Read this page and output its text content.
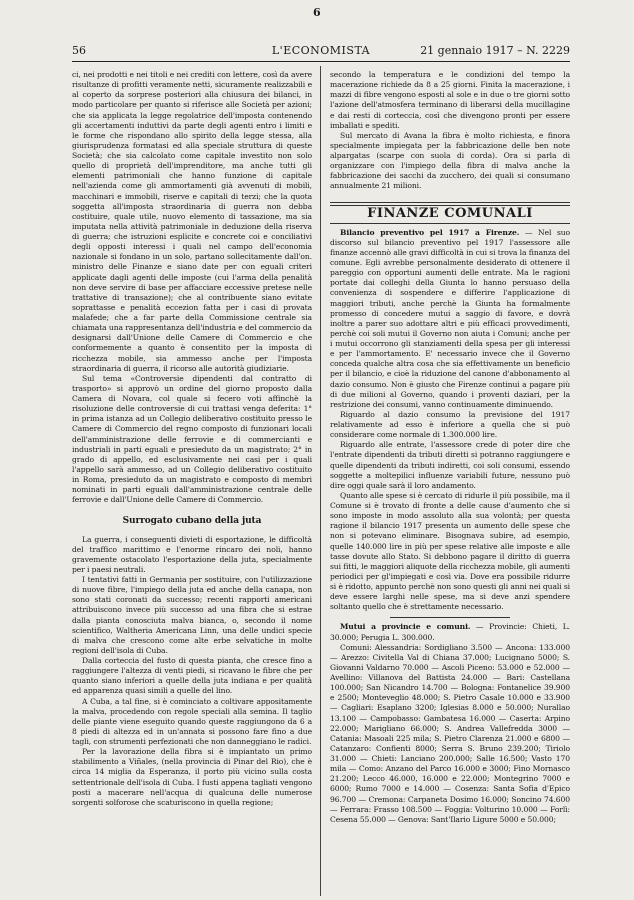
6
56	L'ECONOMISTA	21 gennaio 1917 – N. 2229

ci, nei prodotti e nei titoli e nei crediti con lettere, così da avere risultanze di profitti veramente netti, sicuramente realizzabili e al coperto da sorprese posteriori alla chiusura dei bilanci, in modo particolare per quanto si riferisce alle Società per azioni; che sia applicata la legge regolatrice dell'imposta contenendo gli accertamenti induttivi da parte degli agenti entro i limiti e le forme che rispondano allo spirito della legge stessa, alla giurisprudenza formatasi ed alla speciale struttura di queste Società; che sia calcolato come capitale investito non solo quello di proprietà dell'imprenditore, ma anche tutti gli elementi patrimoniali che hanno funzione di capitale nell'azienda come gli ammortamenti già avvenuti di mobili, macchinari e immobili, riserve e capitali di terzi; che la quota soggetta all'imposta straordinaria di guerra non debba costituire, quale utile, nuovo elemento di tassazione, ma sia imputata nella attività patrimoniale in deduzione della riserva di guerra; che istruzioni esplicite e concrete coi e conciliativi degli opposti interessi i quali nel campo dell'economia nazionale si fondano in un solo, partano sollecitamente dall'on. ministro delle Finanze e siano date per con eguali criteri applicate dagli agenti delle imposte (cui l'arma della penalità non deve servire di base per affacciare eccessive pretese nelle trattative di transazione); che al contribuente siano evitate soprattasse e penalità eccezion fatta per i casi di provata malafede; che a far parte della Commissione centrale sia chiamata una rappresentanza dell'industria e del commercio da designarsi dall'Unione delle Camere di Commercio e che conformemente a quanto è consentito per la imposta di ricchezza mobile, sia ammesso anche per l'imposta straordinaria di guerra, il ricorso alle autorità giudiziarie.

Sul tema «Controversie dipendenti dal contratto di trasporto» si approvò un ordine del giorno proposto dalla Camera di Novara, col quale si fecero voti affinchè la risoluzione delle controversie di cui trattasi venga deferita: 1° in prima istanza ad un Collegio deliberativo costituito presso le Camere di Commercio del regno composto di funzionari locali dell'amministrazione delle ferrovie e di commercianti e industriali in parti eguali e presieduto da un magistrato; 2° in grado di appello, ed esclusivamente nei casi per i quali l'appello sarà ammesso, ad un Collegio deliberativo costituito in Roma, presieduto da un magistrato e composto di membri nominati in parti eguali dall'amministrazione centrale delle ferrovie e dall'Unione delle Camere di Commercio.

Surrogato cubano della juta

La guerra, i conseguenti divieti di esportazione, le difficoltà del traffico marittimo e l'enorme rincaro dei noli, hanno gravemente ostacolato l'esportazione della juta, specialmente per i paesi neutrali.

I tentativi fatti in Germania per sostituire, con l'utilizzazione di nuove fibre, l'impiego della juta ed anche della canapa, non sono stati coronati da successo; recenti rapporti americani attribuiscono invece più successo ad una fibra che si estrae dalla pianta conosciuta malva bianca, o, secondo il nome scientifico, Waltheria Americana Linn, una delle undici specie di malva che crescono come alte erbe selvatiche in molte regioni dell'isola di Cuba.

Dalla corteccia del fusto di questa pianta, che cresce fino a raggiungere l'altezza di venti piedi, si ricavano le fibre che per quanto siano inferiori a quelle della juta indiana e per qualità ed apparenza quasi simili a quelle del lino.

A Cuba, a tal fine, si è cominciato a coltivare appositamente la malva, procedendo con regole speciali alla semina. Il taglio delle piante viene eseguito quando queste raggiungono da 6 a 8 piedi di altezza ed in un'annata si possono fare fino a due tagli, con strumenti perfezionati che non danneggiano le radici.

Per la lavorazione della fibra si è impiantato un primo stabilimento a Viñales, (nella provincia di Pinar del Rio), che è circa 14 miglia da Esperanza, il porto più vicino sulla costa settentrionale dell'isola di Cuba. I fusti appena tagliati vengono posti a macerare nell'acqua di qualcuna delle numerose sorgenti solforose che scaturiscono in quella regione;

secondo la temperatura e le condizioni del tempo la macerazione richiede da 8 a 25 giorni. Finita la macerazione, i mazzi di fibre vengono esposti al sole e in due o tre giorni sotto l'azione dell'atmosfera terminano di liberarsi della mucillagine e dai resti di corteccia, così che divengono pronti per essere imballati e spediti.

Sul mercato di Avana la fibra è molto richiesta, e finora specialmente impiegata per la fabbricazione delle ben note alpargatas (scarpe con suola di corda). Ora si parla di organizzare con l'impiego della fibra di malva anche la fabbricazione dei sacchi da zucchero, dei quali si consumano annualmente 21 milioni.

FINANZE COMUNALI

Bilancio preventivo pel 1917 a Firenze. — Nel suo discorso sul bilancio preventivo pel 1917 l'assessore alle finanze accennò alle gravi difficoltà in cui si trova la finanza del comune. Egli avrebbe personalmente desiderato di ottenere il pareggio con opportuni aumenti delle entrate. Ma le ragioni portate dai colleghi della Giunta lo hanno persuaso della convenienza di sospendere e differire l'applicazione di maggiori tributi, anche perchè la Giunta ha formalmente promesso di concedere mutui a saggio di favore, e dovrà inoltre a parer suo adottare altri e più efficaci provvedimenti, perchè coi soli mutui il Governo non aiuta i Comuni; anche per i mutui occorrono gli stanziamenti della spesa per gli interessi e per l'ammortamento. E' necessario invece che il Governo conceda qualche altra cosa che sia effettivamente un beneficio per il bilancio, e cioè la riduzione del canone d'abbonamento al dazio consumo. Non è giusto che Firenze continui a pagare più di due milioni al Governo, quando i proventi daziari, per la restrizione dei consumi, vanno continuamente diminuendo.

Riguardo al dazio consumo la previsione del 1917 relativamente ad esso è inferiore a quella che si può considerare come normale di 1.300.000 lire.

Riguardo alle entrate, l'assessore crede di poter dire che l'entrate dipendenti da tributi diretti si potranno raggiungere e quelle dipendenti da tributi indiretti, coi soli consumi, essendo soggette a moltepilici influenze variabili future, nessuno può dire oggi quale sarà il loro andamento.

Quanto alle spese si è cercato di ridurle il più possibile, ma il Comune si è trovato di fronte a delle cause d'aumento che si sono imposte in modo assoluto alla sua volontà; per questa ragione il bilancio 1917 presenta un aumento delle spese che non si potevano eliminare. Bisognava subire, ad esempio, quelle 140.000 lire in più per spese relative alle imposte e alle tasse dovute allo Stato. Si debbono pagare il diritto di guerra sui fitti, le maggiori aliquote della ricchezza mobile, gli aumenti periodici per gl'impiegati e così via. Dove era possibile ridurre si è ridotto, appunto perchè non sono questi gli anni nei quali si deve essere larghi nelle spese, ma si deve anzi spendere soltanto quello che è strettamente necessario.

Mutui a provincie e comuni. — Provincie: Chieti, L. 30.000; Perugia L. 300.000.

Comuni: Alessandria: Sordigliano 3.500 — Ancona: 133.000 — Arezzo: Civitella Val di Chiana 37.000; Lucignano 5000; S. Giovanni Valdarno 70.000 — Ascoli Piceno: 53.000 e 52.000 — Avellino: Villanova del Battista 24.000 — Bari: Castellana 100.000; San Nicandro 14.700 — Bologna: Fontanelice 39.900 e 2500; Monteveglio 48.000; S. Pietro Casale 10.000 e 33.900 — Cagliari: Esaplano 3200; Iglesias 8.000 e 50.000; Nurallao 13.100 — Campobasso: Gambatesa 16.000 — Caserta: Arpino 22.000; Marigliano 66.000; S. Andrea Vallefredda 3000 — Catania: Masoali 225 mila; S. Pietro Clarenza 21.000 e 6800 — Catanzaro: Confienti 8000; Serra S. Bruno 239.200; Tiriolo 31.000 — Chieti: Lanciano 200.000; Salle 16.500; Vasto 170 mila — Como: Anzano del Parco 16.000 e 3000; Fino Mornasco 21.200; Lecco 46.000, 16.000 e 22.000; Montegrino 7000 e 6000; Rumo 7000 e 14.000 — Cosenza: Santa Sofia d'Epico 96.700 — Cremona: Carpaneta Dosimo 16.000; Soncino 74.600 — Ferrara: Frasso 108.500 — Foggia: Volturino 10.000 — Forlì: Cesena 55.000 — Genova: Sant'Ilario Ligure 5000 e 50.000;
